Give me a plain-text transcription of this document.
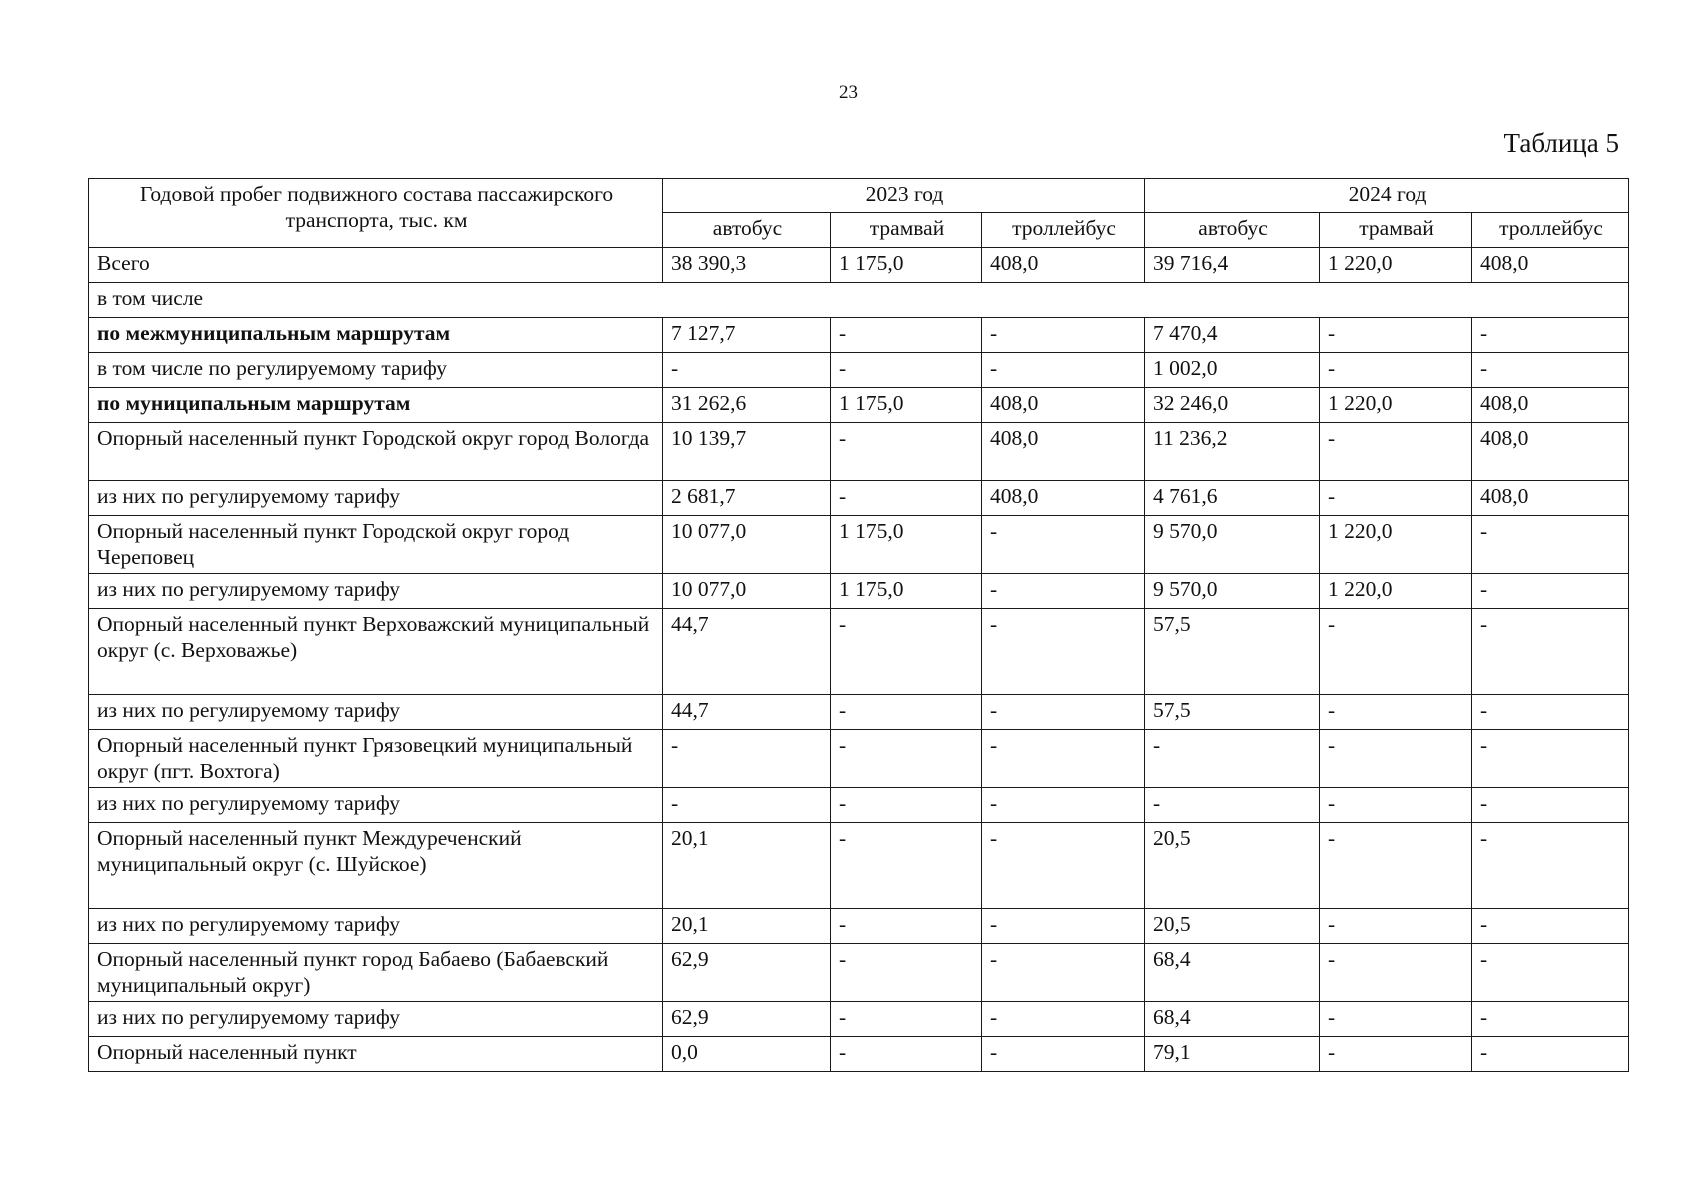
23
Таблица 5
Годовой пробег подвижного состава пассажирского транспорта, тыс. км	2023 год			2024 год		
	автобус	трамвай	троллейбус	автобус	трамвай	троллейбус
Всего	38 390,3	1 175,0	408,0	39 716,4	1 220,0	408,0
в том числе						
по межмуниципальным маршрутам	7 127,7	-	-	7 470,4	-	-
в том числе по регулируемому тарифу	-	-	-	1 002,0	-	-
по муниципальным маршрутам	31 262,6	1 175,0	408,0	32 246,0	1 220,0	408,0
Опорный населенный пункт Городской округ город Вологда	10 139,7	-	408,0	11 236,2	-	408,0
из них по регулируемому тарифу	2 681,7	-	408,0	4 761,6	-	408,0
Опорный населенный пункт Городской округ город Череповец	10 077,0	1 175,0	-	9 570,0	1 220,0	-
из них по регулируемому тарифу	10 077,0	1 175,0	-	9 570,0	1 220,0	-
Опорный населенный пункт Верховажский муниципальный округ (с. Верховажье)	44,7	-	-	57,5	-	-
из них по регулируемому тарифу	44,7	-	-	57,5	-	-
Опорный населенный пункт Грязовецкий муниципальный округ (пгт. Вохтога)	-	-	-	-	-	-
из них по регулируемому тарифу	-	-	-	-	-	-
Опорный населенный пункт Междуреченский муниципальный округ (с. Шуйское)	20,1	-	-	20,5	-	-
из них по регулируемому тарифу	20,1	-	-	20,5	-	-
Опорный населенный пункт город Бабаево (Бабаевский муниципальный округ)	62,9	-	-	68,4	-	-
из них по регулируемому тарифу	62,9	-	-	68,4	-	-
Опорный населенный пункт	0,0	-	-	79,1	-	-
